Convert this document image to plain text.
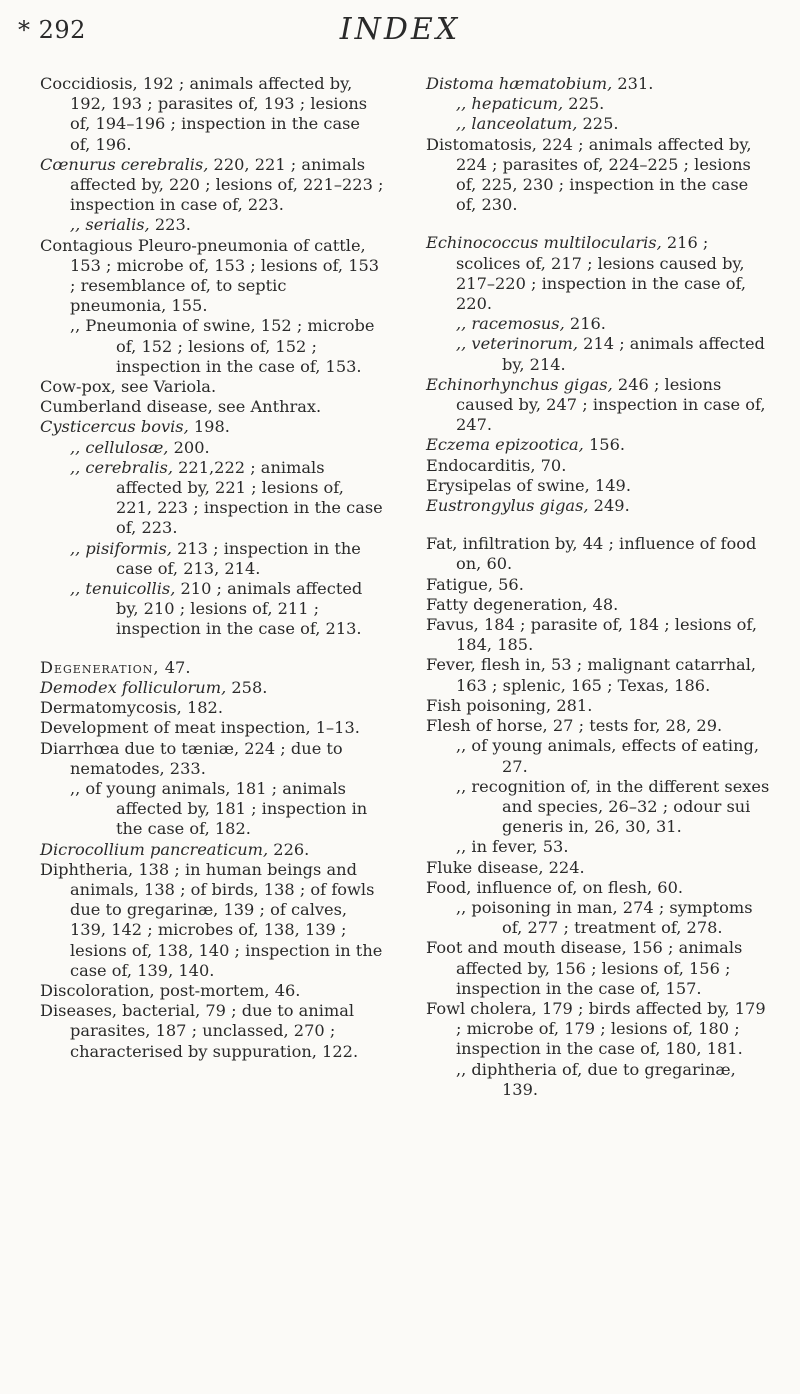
* 292	INDEX
Coccidiosis, 192 ; animals affected by, 192, 193 ; parasites of, 193 ; lesions of, 194–196 ; inspection in the case of, 196.
Cœnurus cerebralis, 220, 221 ; animals affected by, 220 ; lesions of, 221–223 ; inspection in case of, 223.
,, serialis, 223.
Contagious Pleuro-pneumonia of cattle, 153 ; microbe of, 153 ; lesions of, 153 ; resemblance of, to septic pneumonia, 155.
,, Pneumonia of swine, 152 ; microbe of, 152 ; lesions of, 152 ; inspection in the case of, 153.
Cow-pox, see Variola.
Cumberland disease, see Anthrax.
Cysticercus bovis, 198.
,, cellulosæ, 200.
,, cerebralis, 221,222 ; animals affected by, 221 ; lesions of, 221, 223 ; inspection in the case of, 223.
,, pisiformis, 213 ; inspection in the case of, 213, 214.
,, tenuicollis, 210 ; animals affected by, 210 ; lesions of, 211 ; inspection in the case of, 213.
Degeneration, 47.
Demodex folliculorum, 258.
Dermatomycosis, 182.
Development of meat inspection, 1–13.
Diarrhœa due to tæniæ, 224 ; due to nematodes, 233.
,, of young animals, 181 ; animals affected by, 181 ; inspection in the case of, 182.
Dicrocollium pancreaticum, 226.
Diphtheria, 138 ; in human beings and animals, 138 ; of birds, 138 ; of fowls due to gregarinæ, 139 ; of calves, 139, 142 ; microbes of, 138, 139 ; lesions of, 138, 140 ; inspection in the case of, 139, 140.
Discoloration, post-mortem, 46.
Diseases, bacterial, 79 ; due to animal parasites, 187 ; unclassed, 270 ; characterised by suppuration, 122.
Distoma hæmatobium, 231.
,, hepaticum, 225.
,, lanceolatum, 225.
Distomatosis, 224 ; animals affected by, 224 ; parasites of, 224–225 ; lesions of, 225, 230 ; inspection in the case of, 230.
Echinococcus multilocularis, 216 ; scolices of, 217 ; lesions caused by, 217–220 ; inspection in the case of, 220.
,, racemosus, 216.
,, veterinorum, 214 ; animals affected by, 214.
Echinorhynchus gigas, 246 ; lesions caused by, 247 ; inspection in case of, 247.
Eczema epizootica, 156.
Endocarditis, 70.
Erysipelas of swine, 149.
Eustrongylus gigas, 249.
Fat, infiltration by, 44 ; influence of food on, 60.
Fatigue, 56.
Fatty degeneration, 48.
Favus, 184 ; parasite of, 184 ; lesions of, 184, 185.
Fever, flesh in, 53 ; malignant catarrhal, 163 ; splenic, 165 ; Texas, 186.
Fish poisoning, 281.
Flesh of horse, 27 ; tests for, 28, 29.
,, of young animals, effects of eating, 27.
,, recognition of, in the different sexes and species, 26–32 ; odour sui generis in, 26, 30, 31.
,, in fever, 53.
Fluke disease, 224.
Food, influence of, on flesh, 60.
,, poisoning in man, 274 ; symptoms of, 277 ; treatment of, 278.
Foot and mouth disease, 156 ; animals affected by, 156 ; lesions of, 156 ; inspection in the case of, 157.
Fowl cholera, 179 ; birds affected by, 179 ; microbe of, 179 ; lesions of, 180 ; inspection in the case of, 180, 181.
,, diphtheria of, due to gregarinæ, 139.
